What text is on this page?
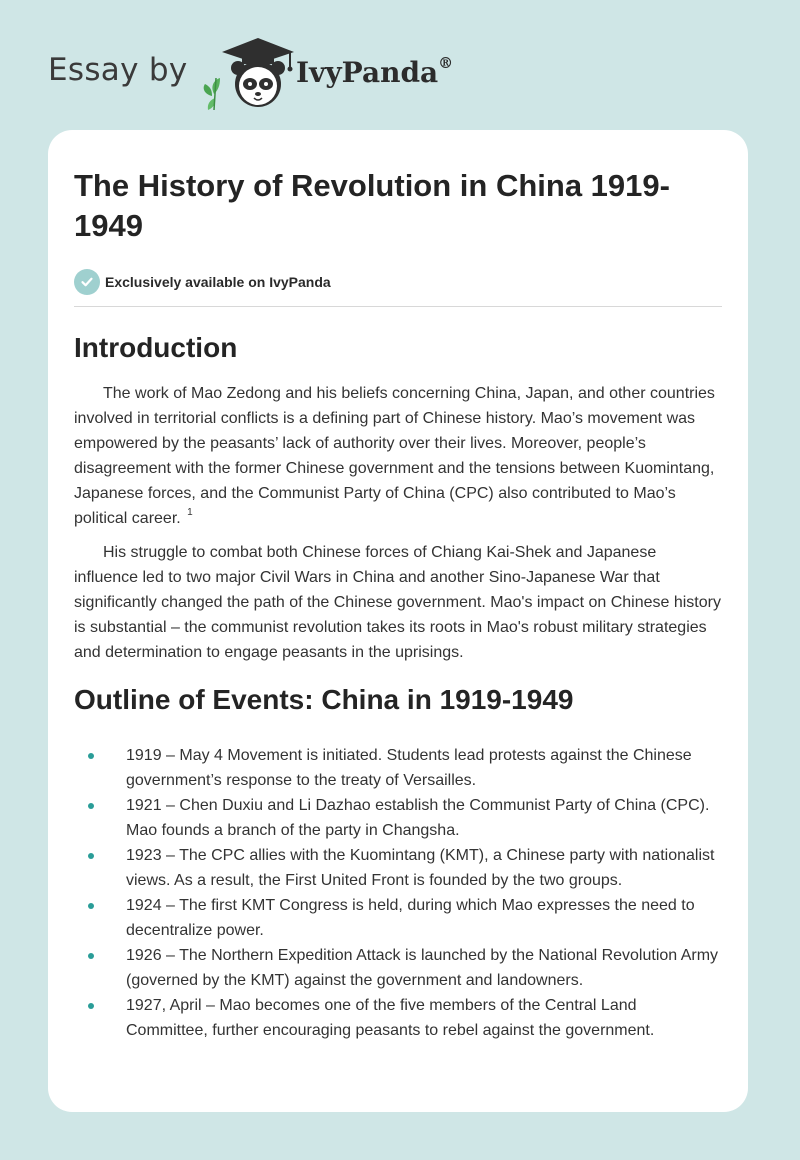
Essay by	IvyPanda®
The History of Revolution in China 1919-1949
Exclusively available on IvyPanda
Introduction

The work of Mao Zedong and his beliefs concerning China, Japan, and other countries involved in territorial conflicts is a defining part of Chinese history. Mao’s movement was empowered by the peasants’ lack of authority over their lives. Moreover, people’s disagreement with the former Chinese government and the tensions between Kuomintang, Japanese forces, and the Communist Party of China (CPC) also contributed to Mao’s political career. $^1$

His struggle to combat both Chinese forces of Chiang Kai-Shek and Japanese influence led to two major Civil Wars in China and another Sino-Japanese War that significantly changed the path of the Chinese government. Mao's impact on Chinese history is substantial – the communist revolution takes its roots in Mao's robust military strategies and determination to engage peasants in the uprisings.

Outline of Events: China in 1919-1949
1919 – May 4 Movement is initiated. Students lead protests against the Chinese government’s response to the treaty of Versailles.
1921 – Chen Duxiu and Li Dazhao establish the Communist Party of China (CPC). Mao founds a branch of the party in Changsha.
1923 – The CPC allies with the Kuomintang (KMT), a Chinese party with nationalist views. As a result, the First United Front is founded by the two groups.
1924 – The first KMT Congress is held, during which Mao expresses the need to decentralize power.
1926 – The Northern Expedition Attack is launched by the National Revolution Army (governed by the KMT) against the government and landowners.
1927, April – Mao becomes one of the five members of the Central Land Committee, further encouraging peasants to rebel against the government.
